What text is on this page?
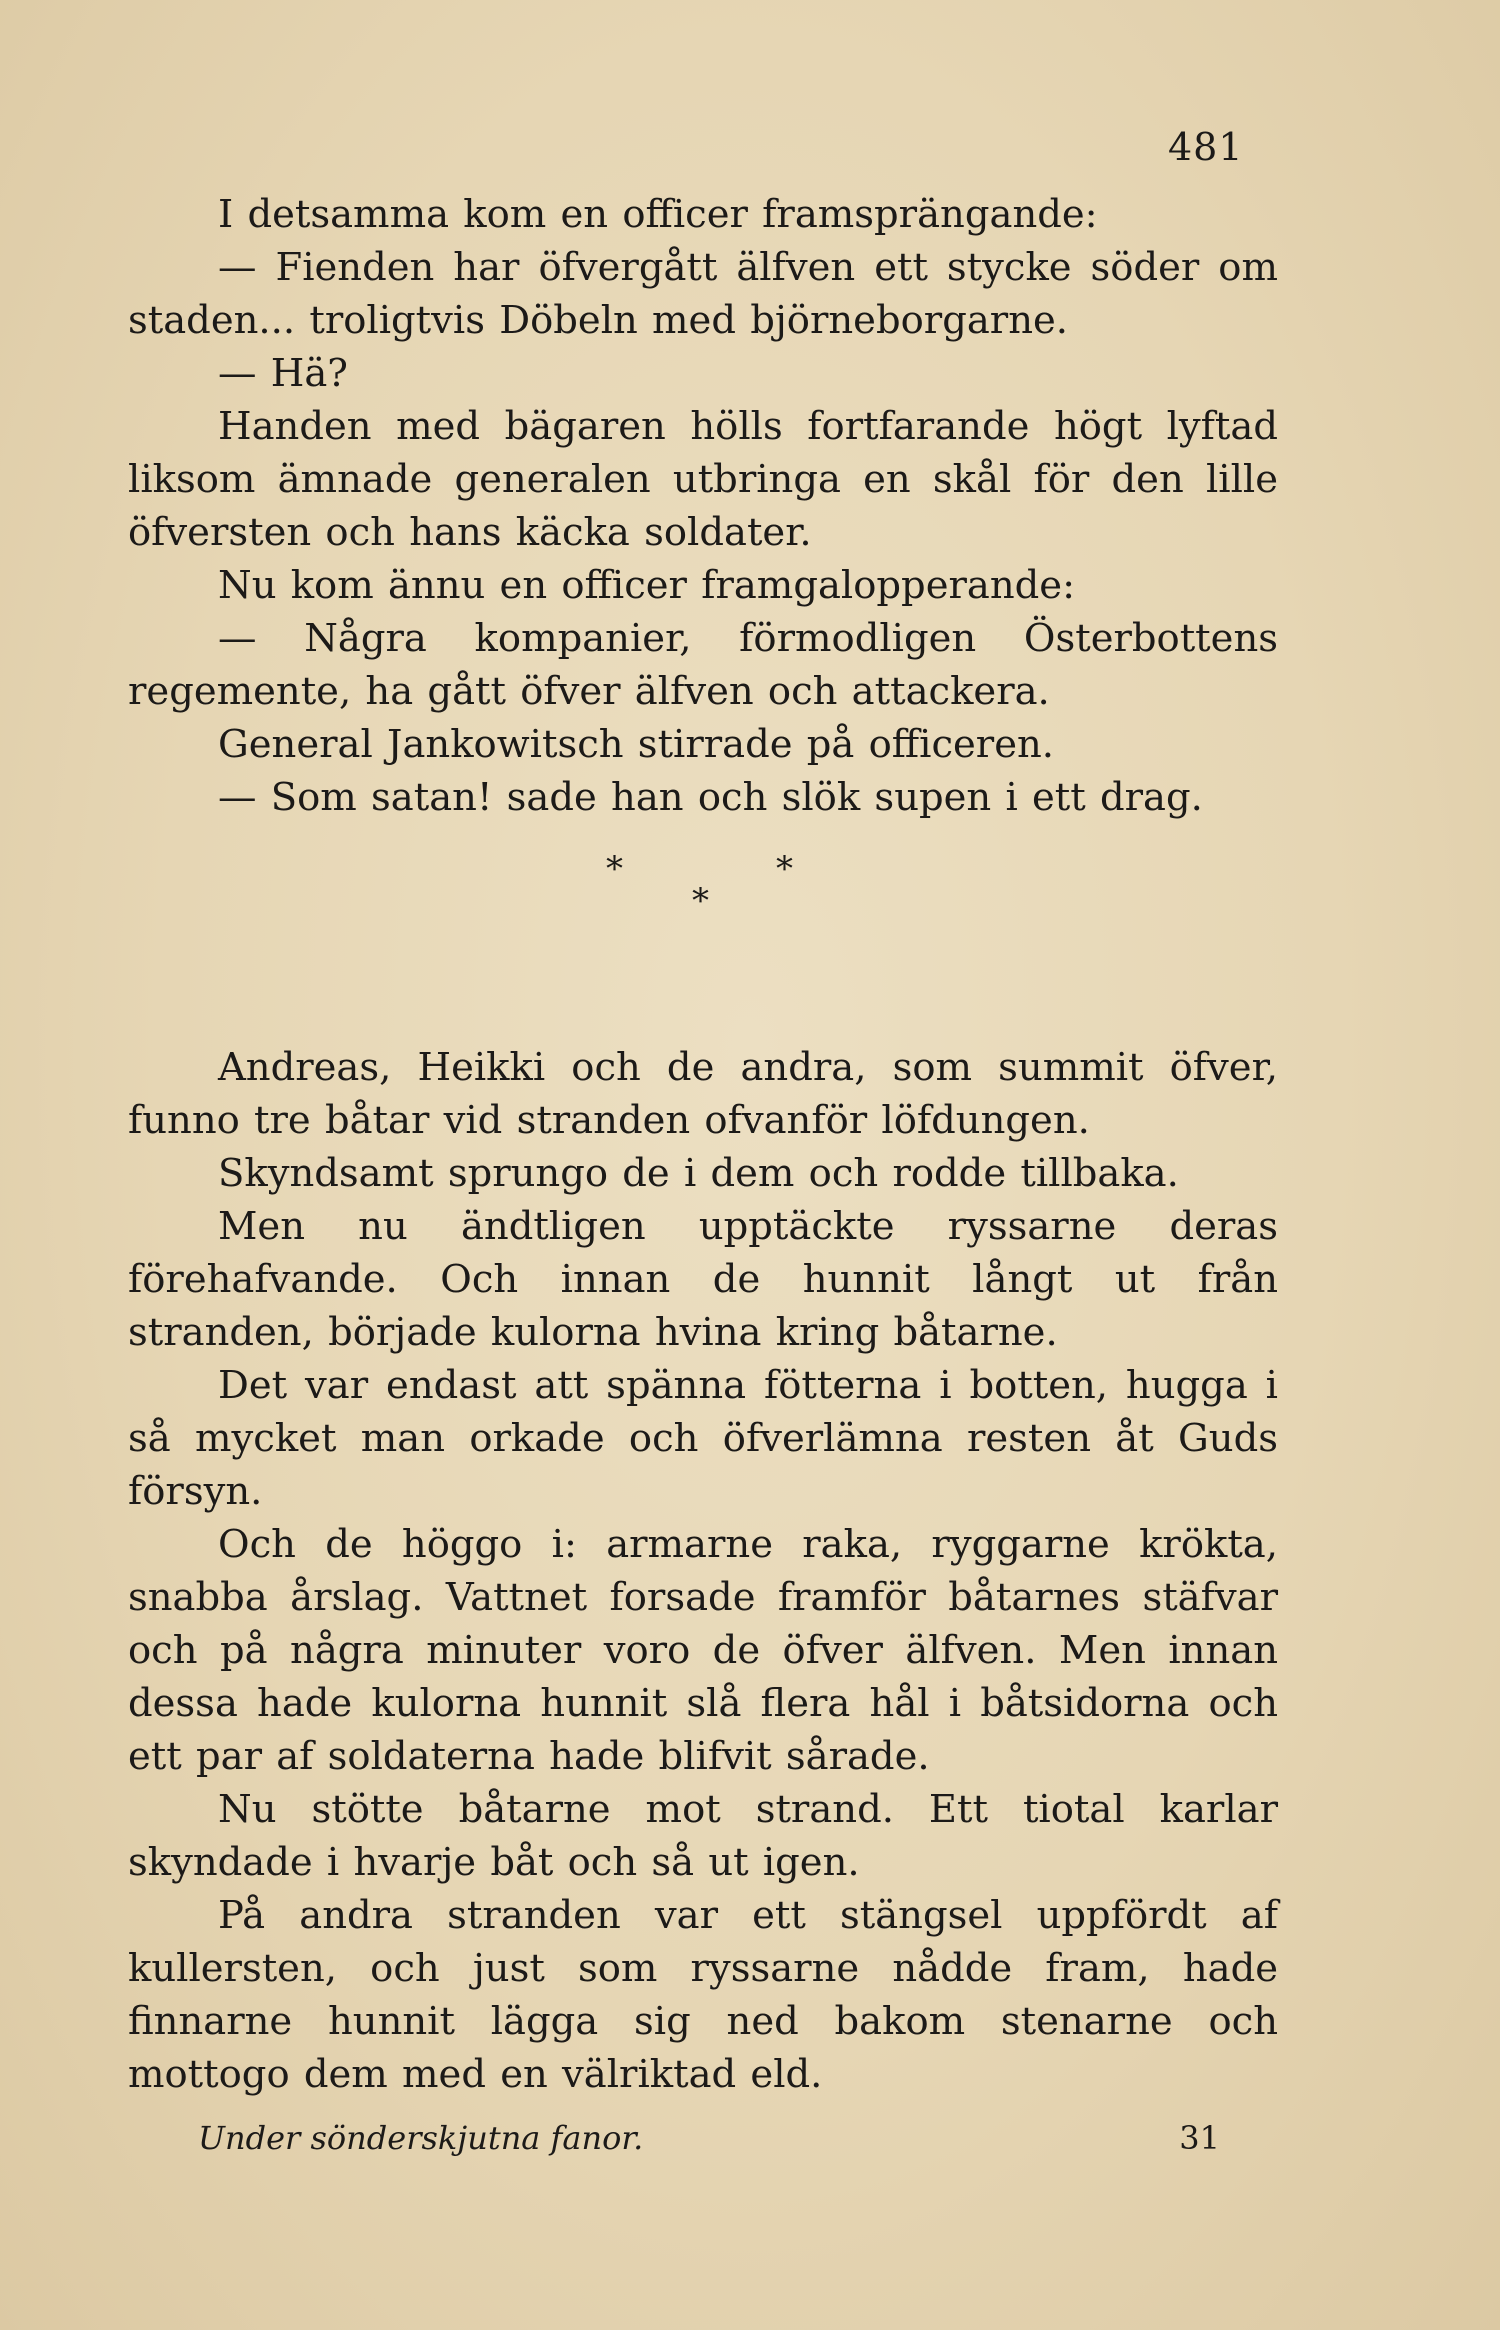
481

I detsamma kom en officer framsprängande:

— Fienden har öfvergått älfven ett stycke söder om staden... troligtvis Döbeln med björneborgarne.

— Hä?

Handen med bägaren hölls fortfarande högt lyftad liksom ämnade generalen utbringa en skål för den lille öfversten och hans käcka soldater.

Nu kom ännu en officer framgalopperande:

— Några kompanier, förmodligen Österbottens regemente, ha gått öfver älfven och attackera.

General Jankowitsch stirrade på officeren.

— Som satan! sade han och slök supen i ett drag.

*	*
*

Andreas, Heikki och de andra, som summit öfver, funno tre båtar vid stranden ofvanför löfdungen.

Skyndsamt sprungo de i dem och rodde tillbaka.

Men nu ändtligen upptäckte ryssarne deras förehafvande. Och innan de hunnit långt ut från stranden, började kulorna hvina kring båtarne.

Det var endast att spänna fötterna i botten, hugga i så mycket man orkade och öfverlämna resten åt Guds försyn.

Och de höggo i: armarne raka, ryggarne krökta, snabba årslag. Vattnet forsade framför båtarnes stäfvar och på några minuter voro de öfver älfven. Men innan dessa hade kulorna hunnit slå flera hål i båtsidorna och ett par af soldaterna hade blifvit sårade.

Nu stötte båtarne mot strand. Ett tiotal karlar skyndade i hvarje båt och så ut igen.

På andra stranden var ett stängsel uppfördt af kullersten, och just som ryssarne nådde fram, hade finnarne hunnit lägga sig ned bakom stenarne och mottogo dem med en välriktad eld.

Under sönderskjutna fanor.	31
